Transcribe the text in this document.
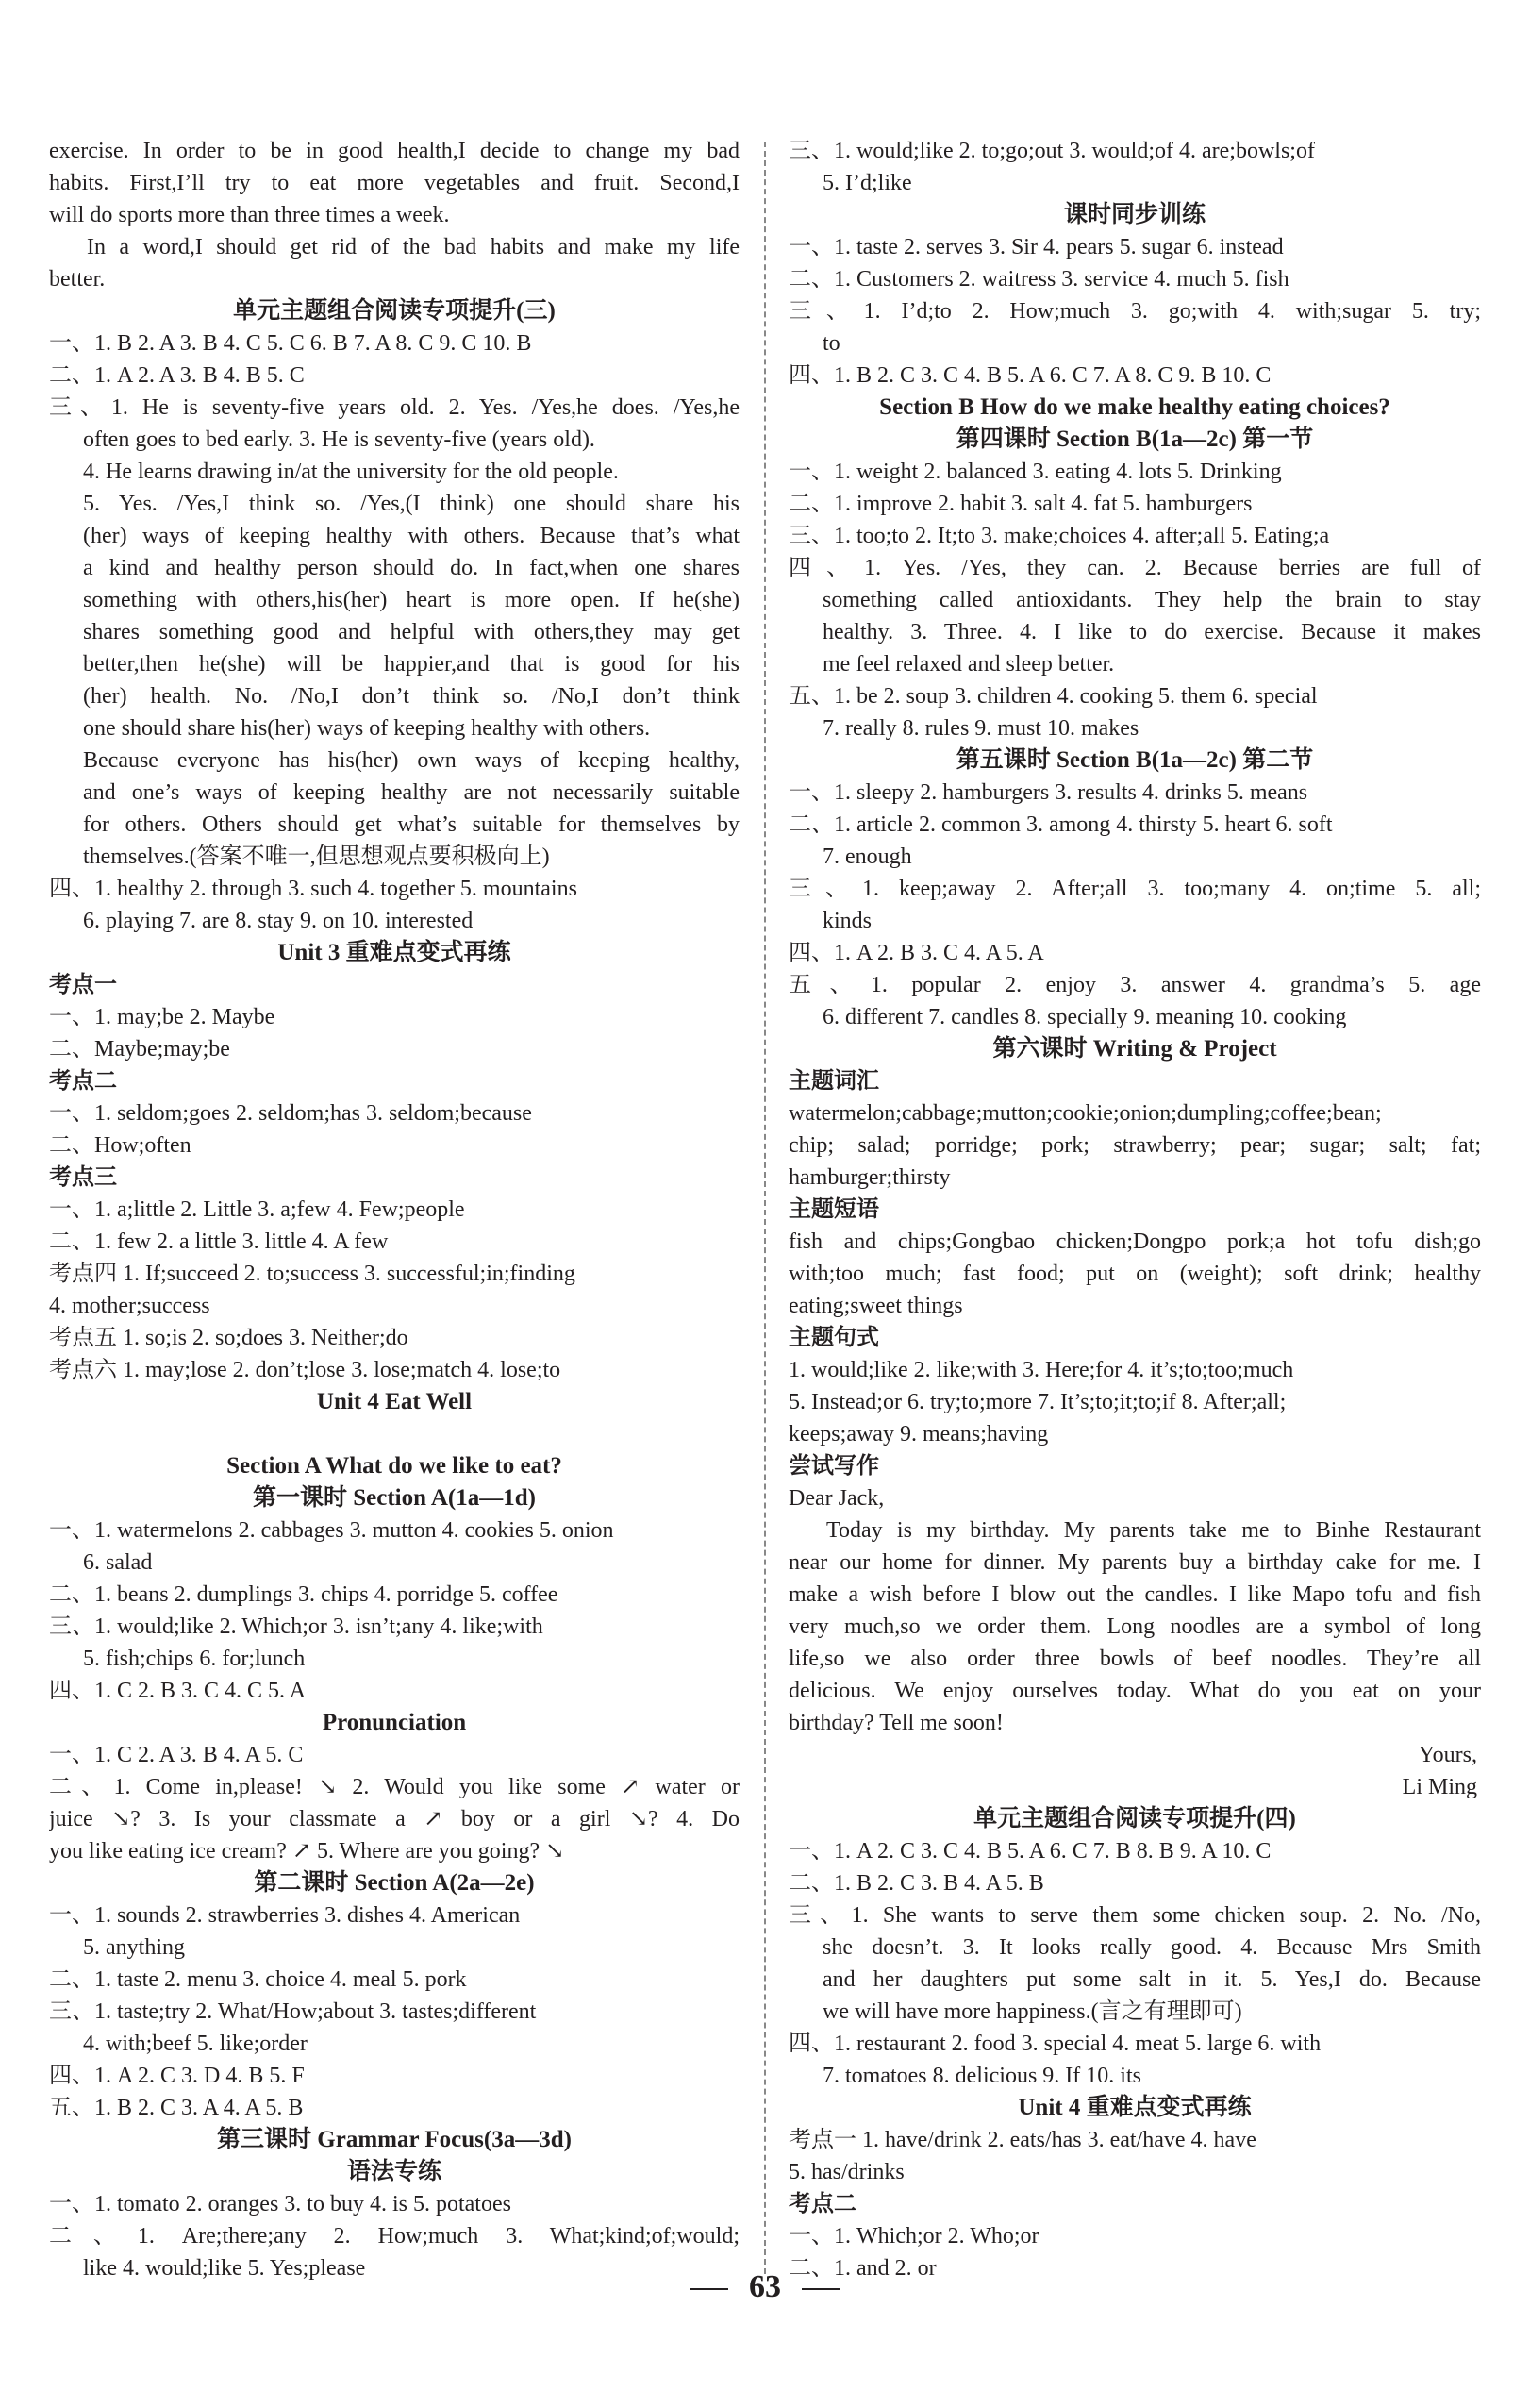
exercise. In order to be in good health,I decide to change my bad
habits. First,I’ll try to eat more vegetables and fruit. Second,I
will do sports more than three times a week.
In a word,I should get rid of the bad habits and make my life
better.
单元主题组合阅读专项提升(三)
一、1. B 2. A 3. B 4. C 5. C 6. B 7. A 8. C 9. C 10. B
二、1. A 2. A 3. B 4. B 5. C
三、1. He is seventy-five years old. 2. Yes. /Yes,he does. /Yes,he
often goes to bed early. 3. He is seventy-five (years old).
4. He learns drawing in/at the university for the old people.
5. Yes. /Yes,I think so. /Yes,(I think) one should share his
(her) ways of keeping healthy with others. Because that’s what
a kind and healthy person should do. In fact,when one shares
something with others,his(her) heart is more open. If he(she)
shares something good and helpful with others,they may get
better,then he(she) will be happier,and that is good for his
(her) health. No. /No,I don’t think so. /No,I don’t think
one should share his(her) ways of keeping healthy with others.
Because everyone has his(her) own ways of keeping healthy,
and one’s ways of keeping healthy are not necessarily suitable
for others. Others should get what’s suitable for themselves by
themselves.(答案不唯一,但思想观点要积极向上)
四、1. healthy 2. through 3. such 4. together 5. mountains
6. playing 7. are 8. stay 9. on 10. interested
Unit 3 重难点变式再练
考点一
一、1. may;be 2. Maybe
二、Maybe;may;be
考点二
一、1. seldom;goes 2. seldom;has 3. seldom;because
二、How;often
考点三
一、1. a;little 2. Little 3. a;few 4. Few;people
二、1. few 2. a little 3. little 4. A few
考点四 1. If;succeed 2. to;success 3. successful;in;finding
4. mother;success
考点五 1. so;is 2. so;does 3. Neither;do
考点六 1. may;lose 2. don’t;lose 3. lose;match 4. lose;to
Unit 4 Eat Well
Section A What do we like to eat?
第一课时 Section A(1a—1d)
一、1. watermelons 2. cabbages 3. mutton 4. cookies 5. onion
6. salad
二、1. beans 2. dumplings 3. chips 4. porridge 5. coffee
三、1. would;like 2. Which;or 3. isn’t;any 4. like;with
5. fish;chips 6. for;lunch
四、1. C 2. B 3. C 4. C 5. A
Pronunciation
一、1. C 2. A 3. B 4. A 5. C
二、1. Come in,please! ↘ 2. Would you like some ↗ water or
juice ↘? 3. Is your classmate a ↗ boy or a girl ↘? 4. Do
you like eating ice cream? ↗ 5. Where are you going? ↘
第二课时 Section A(2a—2e)
一、1. sounds 2. strawberries 3. dishes 4. American
5. anything
二、1. taste 2. menu 3. choice 4. meal 5. pork
三、1. taste;try 2. What/How;about 3. tastes;different
4. with;beef 5. like;order
四、1. A 2. C 3. D 4. B 5. F
五、1. B 2. C 3. A 4. A 5. B
第三课时 Grammar Focus(3a—3d)
语法专练
一、1. tomato 2. oranges 3. to buy 4. is 5. potatoes
二、1. Are;there;any 2. How;much 3. What;kind;of;would;
like 4. would;like 5. Yes;please
三、1. would;like 2. to;go;out 3. would;of 4. are;bowls;of
5. I’d;like
课时同步训练
一、1. taste 2. serves 3. Sir 4. pears 5. sugar 6. instead
二、1. Customers 2. waitress 3. service 4. much 5. fish
三、1. I’d;to 2. How;much 3. go;with 4. with;sugar 5. try;
to
四、1. B 2. C 3. C 4. B 5. A 6. C 7. A 8. C 9. B 10. C
Section B How do we make healthy eating choices?
第四课时 Section B(1a—2c) 第一节
一、1. weight 2. balanced 3. eating 4. lots 5. Drinking
二、1. improve 2. habit 3. salt 4. fat 5. hamburgers
三、1. too;to 2. It;to 3. make;choices 4. after;all 5. Eating;a
四、1. Yes. /Yes, they can. 2. Because berries are full of
something called antioxidants. They help the brain to stay
healthy. 3. Three. 4. I like to do exercise. Because it makes
me feel relaxed and sleep better.
五、1. be 2. soup 3. children 4. cooking 5. them 6. special
7. really 8. rules 9. must 10. makes
第五课时 Section B(1a—2c) 第二节
一、1. sleepy 2. hamburgers 3. results 4. drinks 5. means
二、1. article 2. common 3. among 4. thirsty 5. heart 6. soft
7. enough
三、1. keep;away 2. After;all 3. too;many 4. on;time 5. all;
kinds
四、1. A 2. B 3. C 4. A 5. A
五、1. popular 2. enjoy 3. answer 4. grandma’s 5. age
6. different 7. candles 8. specially 9. meaning 10. cooking
第六课时 Writing & Project
主题词汇
watermelon;cabbage;mutton;cookie;onion;dumpling;coffee;bean;
chip; salad; porridge; pork; strawberry; pear; sugar; salt; fat;
hamburger;thirsty
主题短语
fish and chips;Gongbao chicken;Dongpo pork;a hot tofu dish;go
with;too much; fast food; put on (weight); soft drink; healthy
eating;sweet things
主题句式
1. would;like 2. like;with 3. Here;for 4. it’s;to;too;much
5. Instead;or 6. try;to;more 7. It’s;to;it;to;if 8. After;all;
keeps;away 9. means;having
尝试写作
Dear Jack,
Today is my birthday. My parents take me to Binhe Restaurant
near our home for dinner. My parents buy a birthday cake for me. I
make a wish before I blow out the candles. I like Mapo tofu and fish
very much,so we order them. Long noodles are a symbol of long
life,so we also order three bowls of beef noodles. They’re all
delicious. We enjoy ourselves today. What do you eat on your
birthday? Tell me soon!
Yours,
Li Ming
单元主题组合阅读专项提升(四)
一、1. A 2. C 3. C 4. B 5. A 6. C 7. B 8. B 9. A 10. C
二、1. B 2. C 3. B 4. A 5. B
三、1. She wants to serve them some chicken soup. 2. No. /No,
she doesn’t. 3. It looks really good. 4. Because Mrs Smith
and her daughters put some salt in it. 5. Yes,I do. Because
we will have more happiness.(言之有理即可)
四、1. restaurant 2. food 3. special 4. meat 5. large 6. with
7. tomatoes 8. delicious 9. If 10. its
Unit 4 重难点变式再练
考点一 1. have/drink 2. eats/has 3. eat/have 4. have
5. has/drinks
考点二
一、1. Which;or 2. Who;or
二、1. and 2. or
63
